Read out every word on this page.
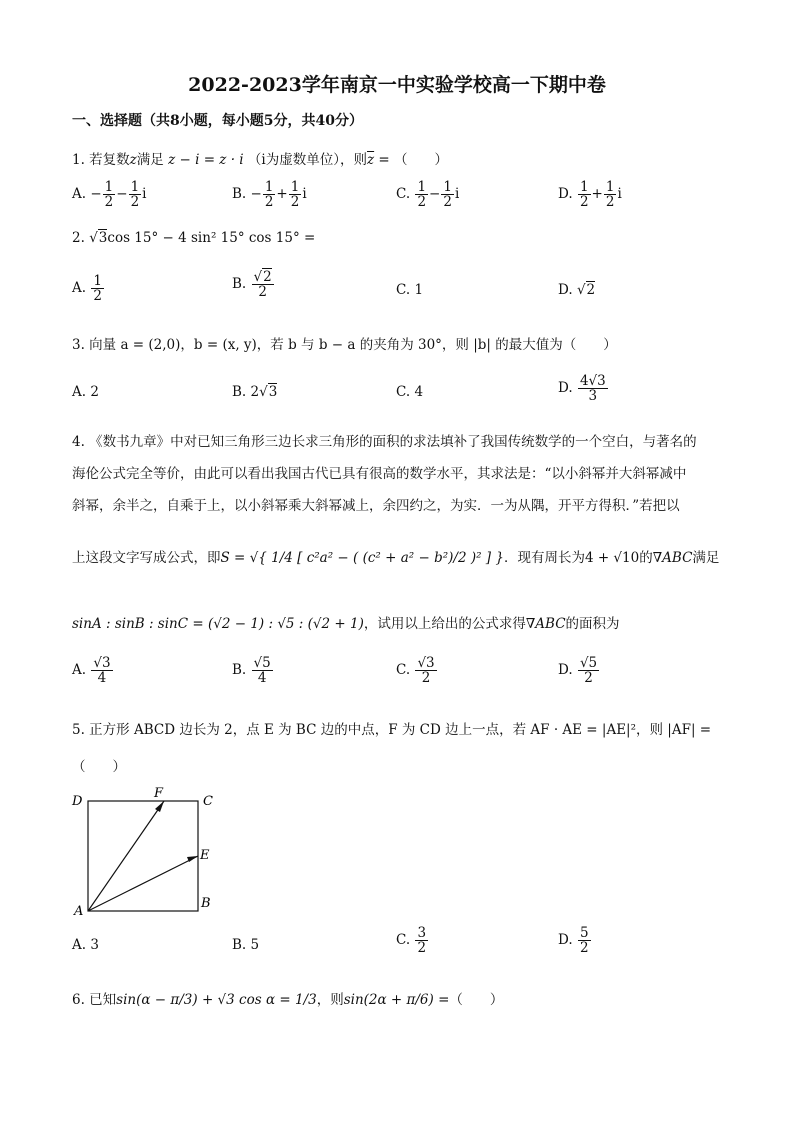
2022-2023学年南京一中实验学校高一下期中卷
一、选择题（共8小题，每小题5分，共40分）
1. 若复数z满足 z − i = z · i （i为虚数单位），则$\overline{z}$ = （　　）
A. − $\frac{1}{2} - \frac{1}{2}$ i	B. − $\frac{1}{2} + \frac{1}{2}$ i	C. $\frac{1}{2} - \frac{1}{2}$ i	D. $\frac{1}{2} + \frac{1}{2}$ i
2. √3cos 15° − 4 sin² 15° cos 15° =
A. $\frac{1}{2}$	B. $\frac{√2}{2}$	C. 1	D. √2
3. 向量 a = (2,0)，b = (x, y)，若 b 与 b − a 的夹角为 30°，则 |b| 的最大值为（　　）
A. 2	B. 2√3	C. 4	D. $\frac{4√3}{3}$
4. 《数书九章》中对已知三角形三边长求三角形的面积的求法填补了我国传统数学的一个空白，与著名的
海伦公式完全等价，由此可以看出我国古代已具有很高的数学水平，其求法是：“以小斜幂并大斜幂减中
斜幂，余半之，自乘于上，以小斜幂乘大斜幂减上，余四约之，为实．一为从隅，开平方得积．”若把以
上这段文字写成公式，即S = √{ 1/4 [ c²a² − ( (c² + a² − b²)/2 )² ] }．现有周长为4 + √10的∇ABC满足
sinA : sinB : sinC = (√2 − 1) : √5 : (√2 + 1)，试用以上给出的公式求得∇ABC的面积为
A. $\frac{√3}{4}$	B. $\frac{√5}{4}$	C. $\frac{√3}{2}$	D. $\frac{√5}{2}$
5. 正方形 ABCD 边长为 2，点 E 为 BC 边的中点，F 为 CD 边上一点，若 AF · AE = |AE|²，则 |AF| =
（　　）
D
F
C
E
B
A
A. 3	B. 5	C. $\frac{3}{2}$	D. $\frac{5}{2}$
6. 已知sin(α − π/3) + √3 cos α = 1/3，则sin(2α + π/6) =（　　）
